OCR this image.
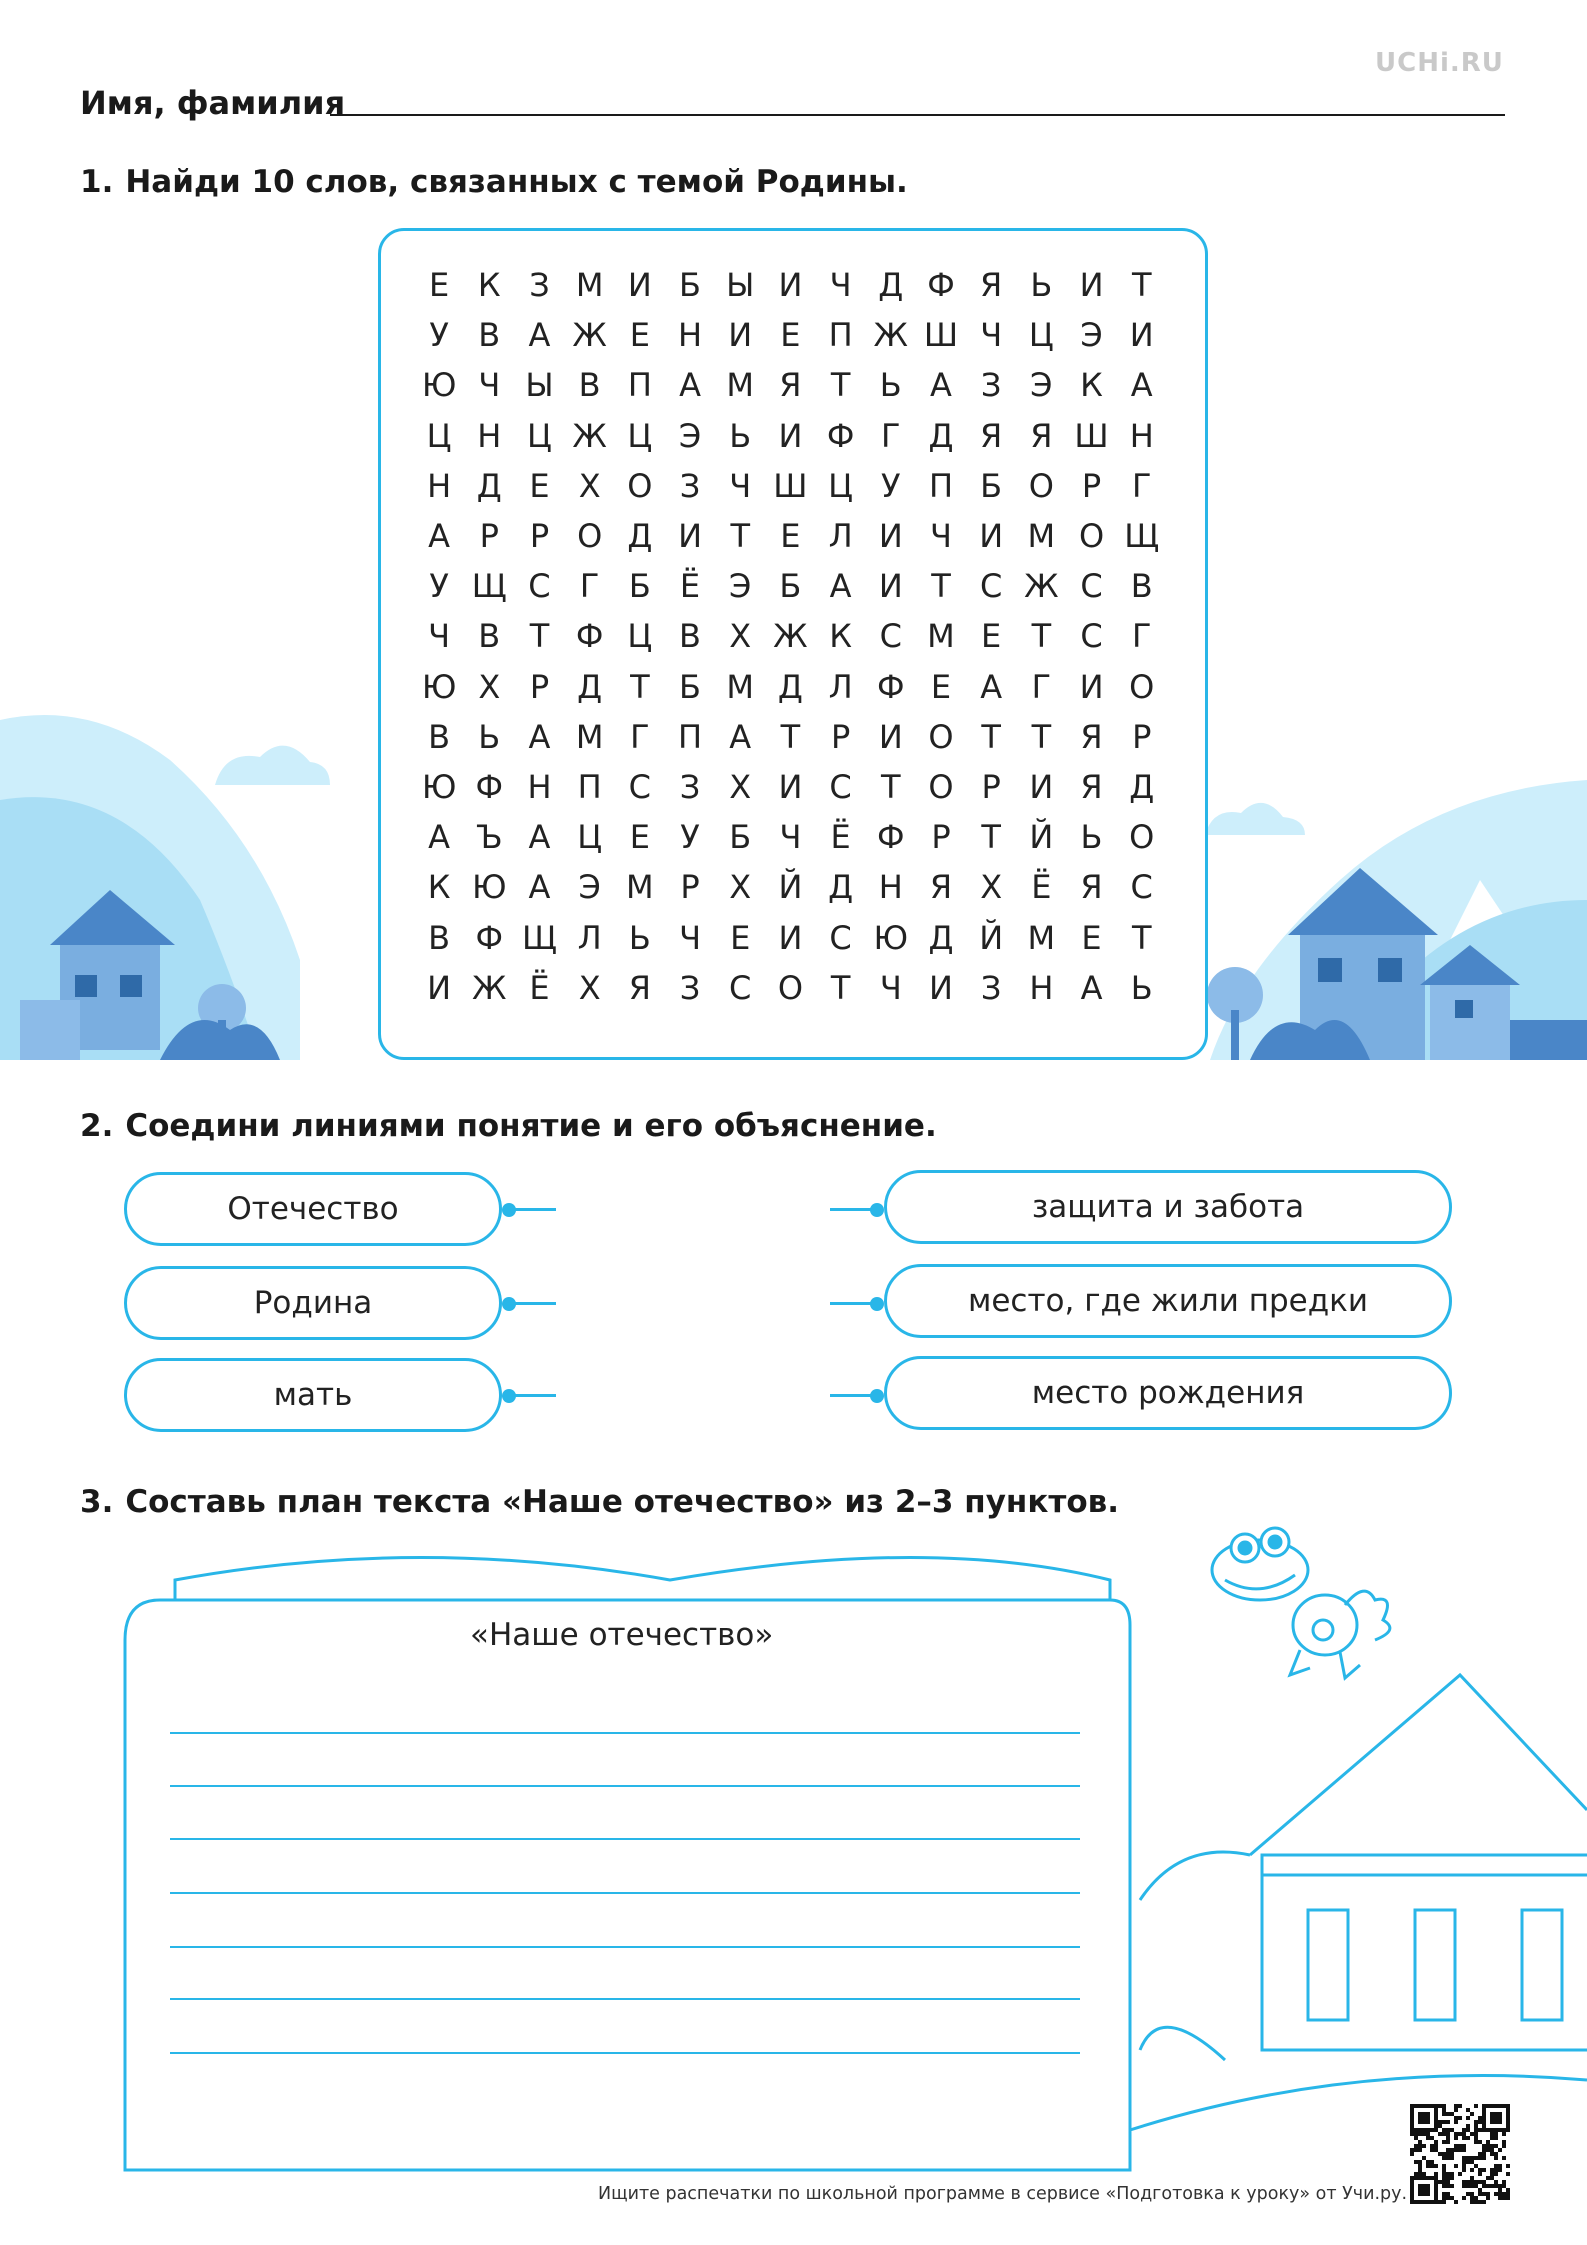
UCHi.RU
Имя, фамилия
1. Найди 10 слов, связанных с темой Родины.
Е К З М И Б Ы И Ч Д Ф Я Ь И Т
У В А Ж Е Н И Е П Ж Ш Ч Ц Э И
Ю Ч Ы В П А М Я Т Ь А З Э К А
Ц Н Ц Ж Ц Э Ь И Ф Г Д Я Я Ш Н
Н Д Е Х О З Ч Ш Ц У П Б О Р Г
А Р Р О Д И Т Е Л И Ч И М О Щ
У Щ С Г Б Ё Э Б А И Т С Ж С В
Ч В Т Ф Ц В Х Ж К С М Е Т С Г
Ю Х Р Д Т Б М Д Л Ф Е А Г И О
В Ь А М Г П А Т Р И О Т Т Я Р
Ю Ф Н П С З Х И С Т О Р И Я Д
А Ъ А Ц Е У Б Ч Ё Ф Р Т Й Ь О
К Ю А Э М Р Х Й Д Н Я Х Ё Я С
В Ф Щ Л Ь Ч Е И С Ю Д Й М Е Т
И Ж Ё Х Я З С О Т Ч И З Н А Ь
2. Соедини линиями понятие и его объяснение.
Отечество
Родина
мать
защита и забота
место, где жили предки
место рождения
3. Составь план текста «Наше отечество» из 2–3 пунктов.
«Наше отечество»
Ищите распечатки по школьной программе в сервисе «Подготовка к уроку» от Учи.ру.
